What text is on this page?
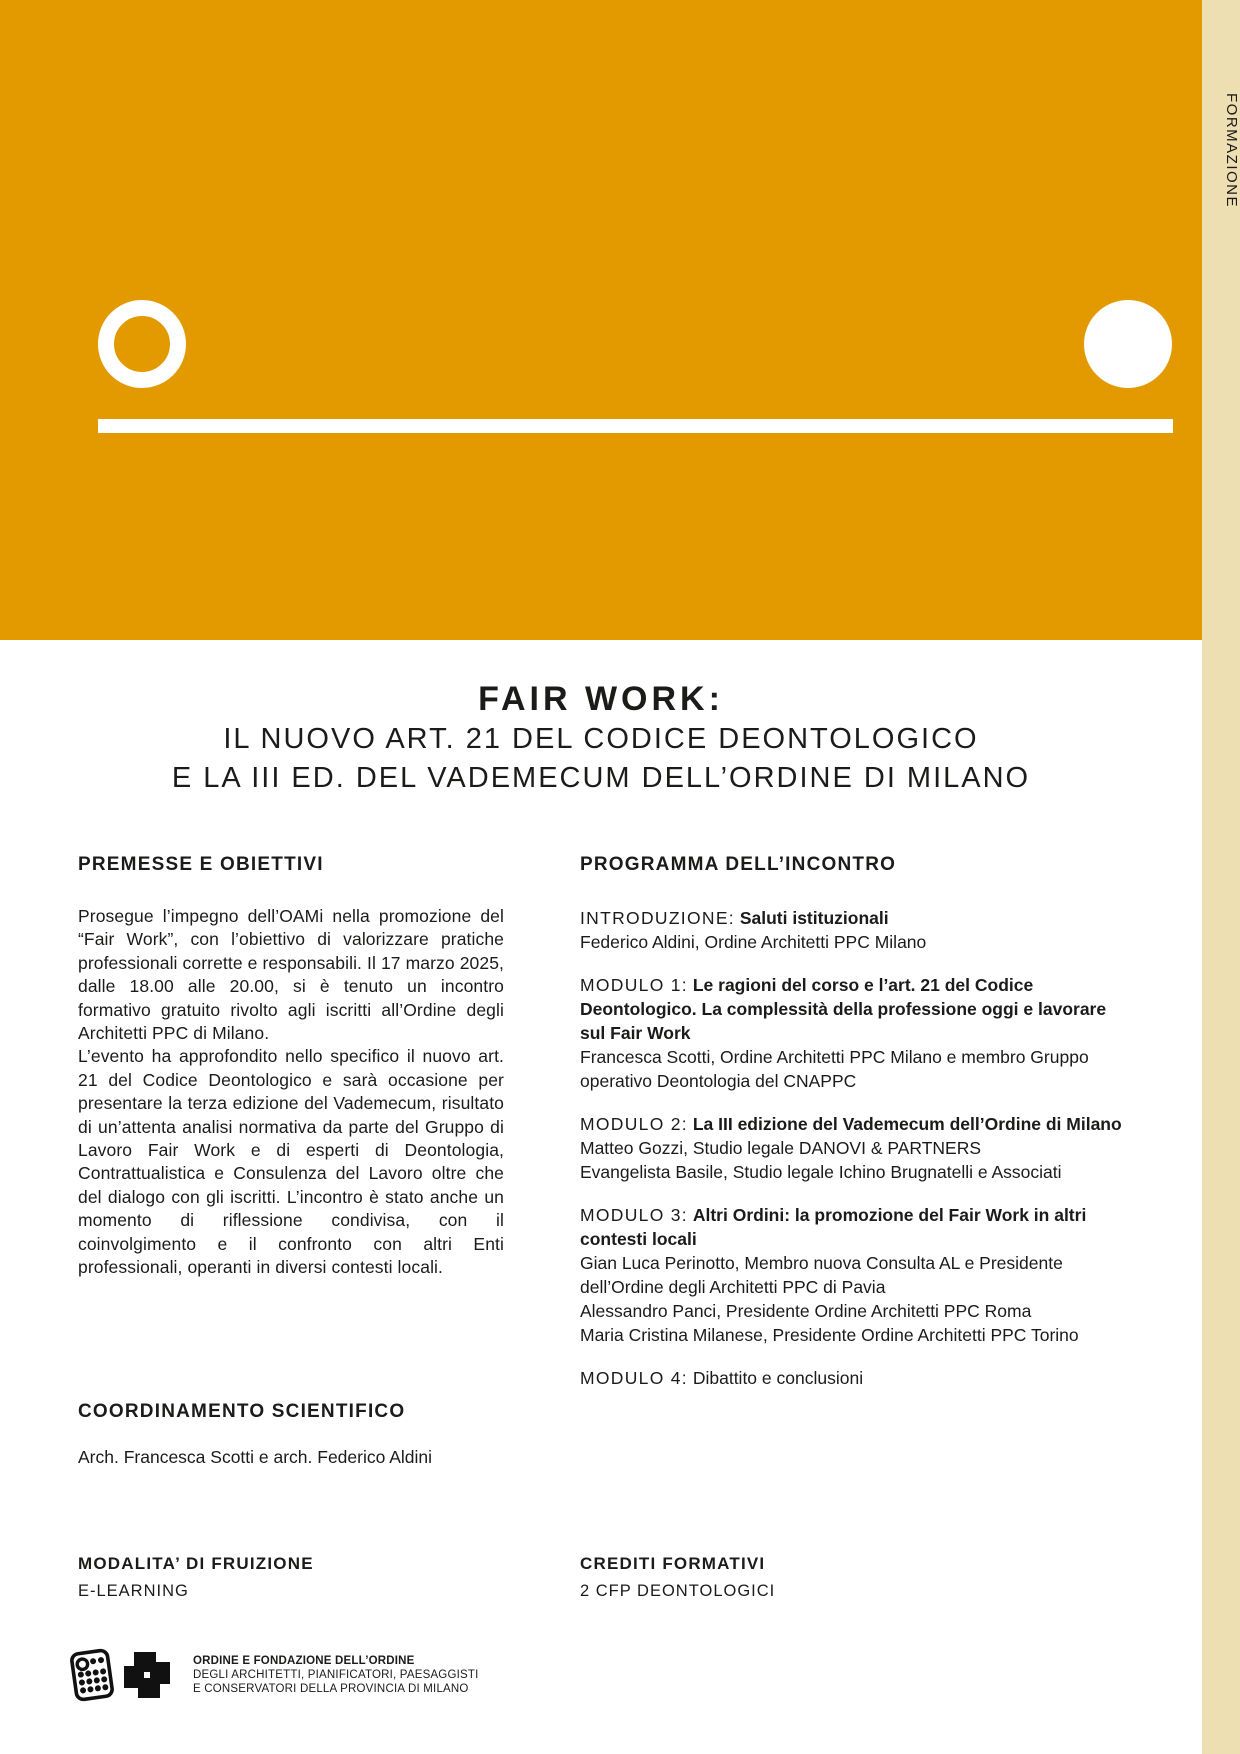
FORMAZIONE
FAIR WORK:
IL NUOVO ART. 21 DEL CODICE DEONTOLOGICO
E LA III ED. DEL VADEMECUM DELL’ORDINE DI MILANO
PREMESSE E OBIETTIVI

Prosegue l’impegno dell’OAMi nella promozione del “Fair Work”, con l’obiettivo di valorizzare pratiche professionali corrette e responsabili. Il 17 marzo 2025, dalle 18.00 alle 20.00, si è tenuto un incontro formativo gratuito rivolto agli iscritti all’Ordine degli Architetti PPC di Milano.

L’evento ha approfondito nello specifico il nuovo art. 21 del Codice Deontologico e sarà occasione per presentare la terza edizione del Vademecum, risultato di un’attenta analisi normativa da parte del Gruppo di Lavoro Fair Work e di esperti di Deontologia, Contrattualistica e Consulenza del Lavoro oltre che del dialogo con gli iscritti. L’incontro è stato anche un momento di riflessione condivisa, con il coinvolgimento e il confronto con altri Enti professionali, operanti in diversi contesti locali.

PROGRAMMA DELL’INCONTRO
INTRODUZIONE: Saluti istituzionali
Federico Aldini, Ordine Architetti PPC Milano
MODULO 1: Le ragioni del corso e l’art. 21 del Codice Deontologico. La complessità della professione oggi e lavorare sul Fair Work
Francesca Scotti, Ordine Architetti PPC Milano e membro Gruppo operativo Deontologia del CNAPPC
MODULO 2: La III edizione del Vademecum dell’Ordine di Milano
Matteo Gozzi, Studio legale DANOVI & PARTNERS
Evangelista Basile, Studio legale Ichino Brugnatelli e Associati
MODULO 3: Altri Ordini: la promozione del Fair Work in altri contesti locali
Gian Luca Perinotto, Membro nuova Consulta AL e Presidente dell’Ordine degli Architetti PPC di Pavia
Alessandro Panci, Presidente Ordine Architetti PPC Roma
Maria Cristina Milanese, Presidente Ordine Architetti PPC Torino
MODULO 4: Dibattito e conclusioni
COORDINAMENTO SCIENTIFICO
Arch. Francesca Scotti e arch. Federico Aldini
MODALITA’ DI FRUIZIONE
E-LEARNING
CREDITI FORMATIVI
2 CFP DEONTOLOGICI
ORDINE E FONDAZIONE DELL’ORDINE
DEGLI ARCHITETTI, PIANIFICATORI, PAESAGGISTI
E CONSERVATORI DELLA PROVINCIA DI MILANO
